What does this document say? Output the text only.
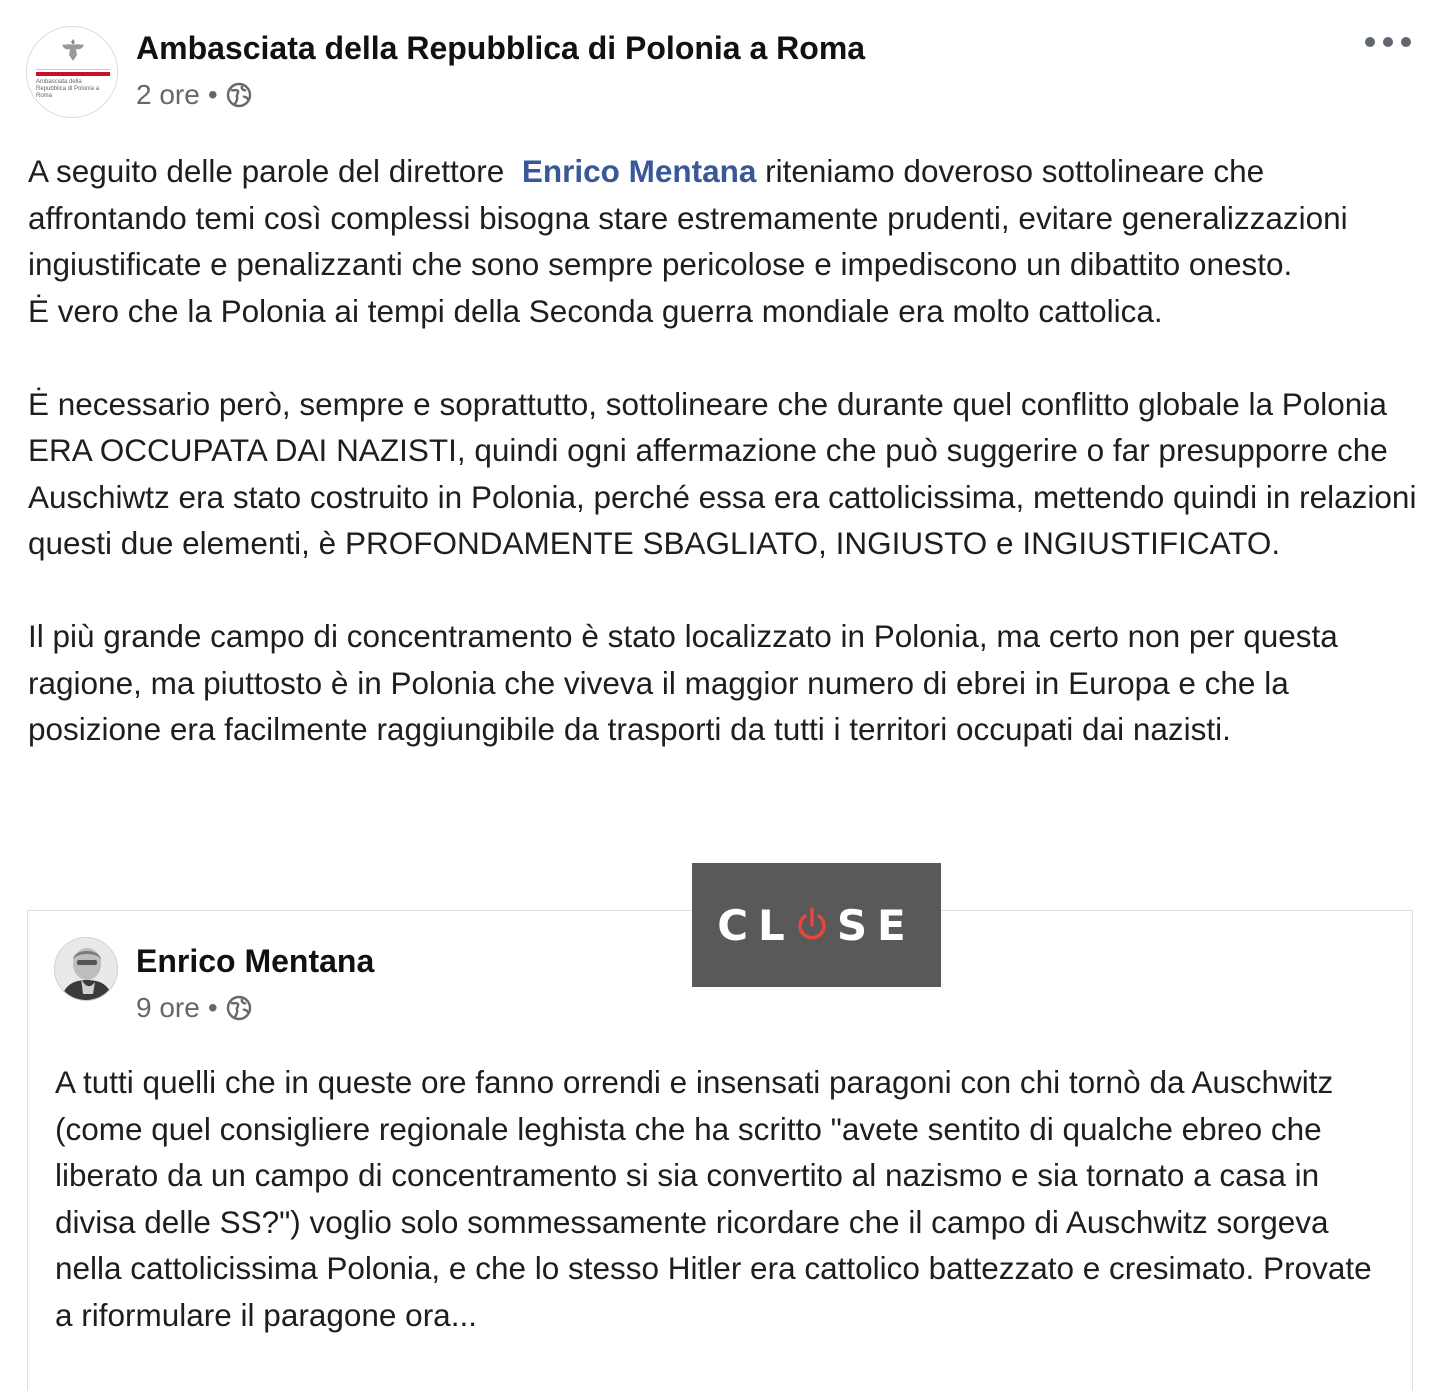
Ambasciata della Repubblica di Polonia a Roma
Ambasciata della Repubblica di Polonia a Roma
2 ore •

A seguito delle parole del direttore  Enrico Mentana riteniamo doveroso sottolineare che affrontando temi così complessi bisogna stare estremamente prudenti, evitare generalizzazioni ingiustificate e penalizzanti che sono sempre pericolose e impediscono un dibattito onesto.

Ė vero che la Polonia ai tempi della Seconda guerra mondiale era molto cattolica.

Ė necessario però, sempre e soprattutto, sottolineare che durante quel conflitto globale la Polonia ERA OCCUPATA DAI NAZISTI, quindi ogni affermazione che può suggerire o far presupporre che Auschiwtz era stato costruito in Polonia, perché essa era cattolicissima, mettendo quindi in relazioni questi due elementi, è PROFONDAMENTE SBAGLIATO, INGIUSTO e INGIUSTIFICATO.

Il più grande campo di concentramento è stato localizzato in Polonia, ma certo non per questa ragione, ma piuttosto è in Polonia che viveva il maggior numero di ebrei in Europa e che la posizione era facilmente raggiungibile da trasporti da tutti i territori occupati dai nazisti.

Enrico Mentana
9 ore •
A tutti quelli che in queste ore fanno orrendi e insensati paragoni con chi tornò da Auschwitz (come quel consigliere regionale leghista che ha scritto "avete sentito di qualche ebreo che liberato da un campo di concentramento si sia convertito al nazismo e sia tornato a casa in divisa delle SS?") voglio solo sommessamente ricordare che il campo di Auschwitz sorgeva nella cattolicissima Polonia, e che lo stesso Hitler era cattolico battezzato e cresimato. Provate a riformulare il paragone ora...
CL SE
